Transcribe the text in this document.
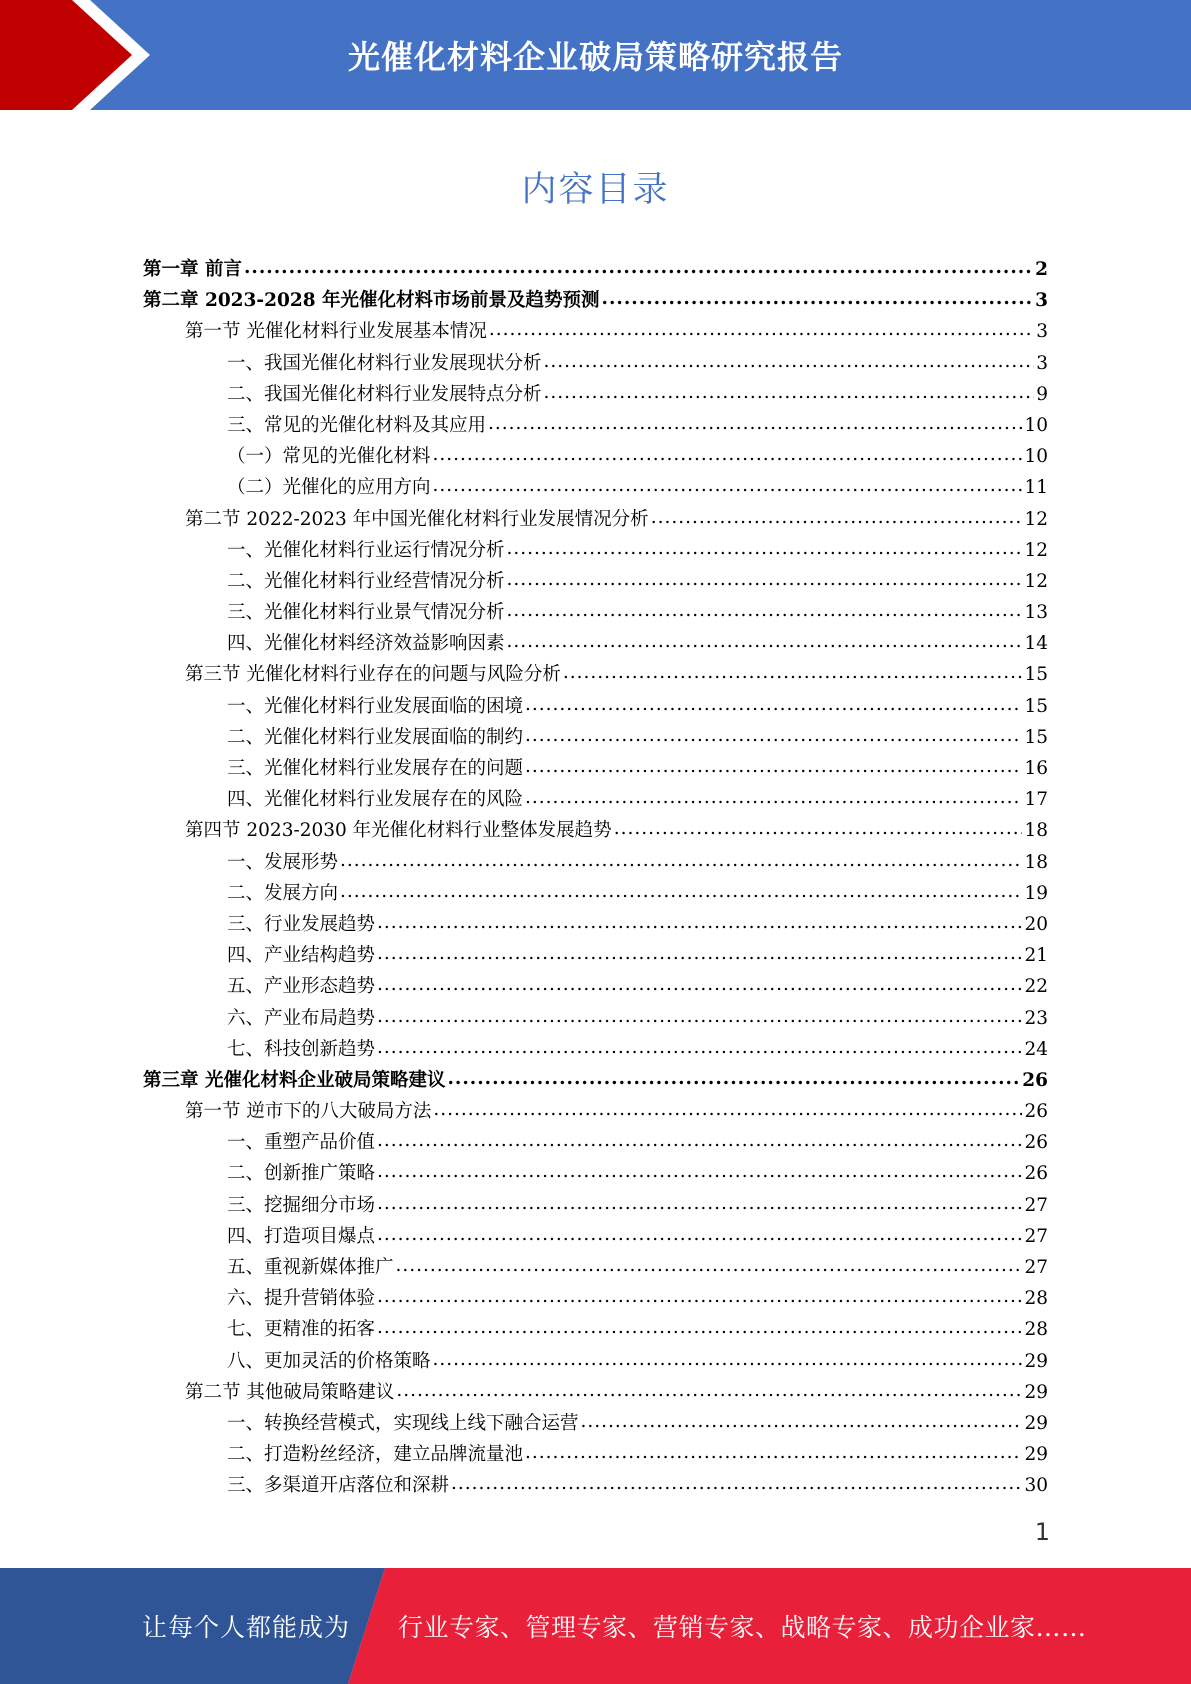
光催化材料企业破局策略研究报告
内容目录
第一章 前言 .....	2
第二章 2023-2028 年光催化材料市场前景及趋势预测 .....	3
第一节 光催化材料行业发展基本情况 .....	3
一、我国光催化材料行业发展现状分析 .....	3
二、我国光催化材料行业发展特点分析 .....	9
三、常见的光催化材料及其应用 .....	10
（一）常见的光催化材料 .....	10
（二）光催化的应用方向 .....	11
第二节 2022-2023 年中国光催化材料行业发展情况分析 .....	12
一、光催化材料行业运行情况分析 .....	12
二、光催化材料行业经营情况分析 .....	12
三、光催化材料行业景气情况分析 .....	13
四、光催化材料经济效益影响因素 .....	14
第三节 光催化材料行业存在的问题与风险分析 .....	15
一、光催化材料行业发展面临的困境 .....	15
二、光催化材料行业发展面临的制约 .....	15
三、光催化材料行业发展存在的问题 .....	16
四、光催化材料行业发展存在的风险 .....	17
第四节 2023-2030 年光催化材料行业整体发展趋势 .....	18
一、发展形势 .....	18
二、发展方向 .....	19
三、行业发展趋势 .....	20
四、产业结构趋势 .....	21
五、产业形态趋势 .....	22
六、产业布局趋势 .....	23
七、科技创新趋势 .....	24
第三章 光催化材料企业破局策略建议 .....	26
第一节 逆市下的八大破局方法 .....	26
一、重塑产品价值 .....	26
二、创新推广策略 .....	26
三、挖掘细分市场 .....	27
四、打造项目爆点 .....	27
五、重视新媒体推广 .....	27
六、提升营销体验 .....	28
七、更精准的拓客 .....	28
八、更加灵活的价格策略 .....	29
第二节 其他破局策略建议 .....	29
一、转换经营模式，实现线上线下融合运营 .....	29
二、打造粉丝经济，建立品牌流量池 .....	29
三、多渠道开店落位和深耕 .....	30
1
让每个人都能成为 行业专家、管理专家、营销专家、战略专家、成功企业家……
